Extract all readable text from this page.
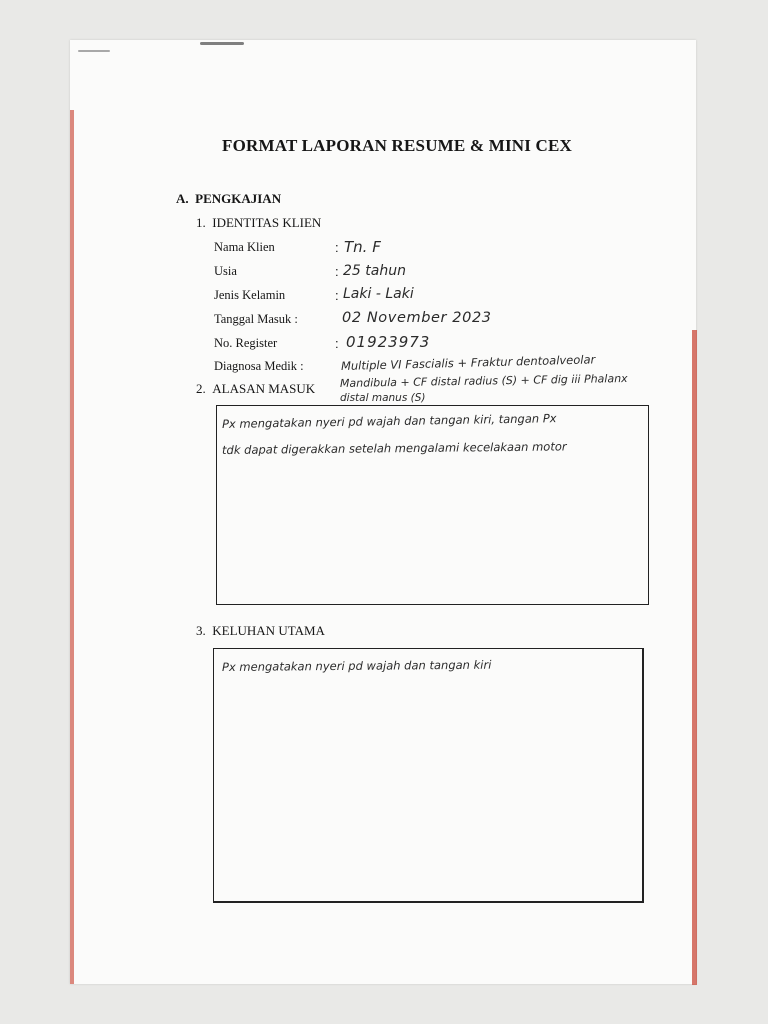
FORMAT LAPORAN RESUME & MINI CEX
A. PENGKAJIAN
1. IDENTITAS KLIEN
Nama Klien	: Tn. F
Usia	: 25 tahun
Jenis Kelamin	: Laki - Laki
Tanggal Masuk :	02 November 2023
No. Register	: 01923973
Diagnosa Medik :	Multiple VI Fascialis + Fraktur dentoalveolar
Mandibula + CF distal radius (S) + CF dig iii Phalanx
distal manus (S)
2. ALASAN MASUK
Px mengatakan nyeri pd wajah dan tangan kiri, tangan Px
tdk dapat digerakkan setelah mengalami kecelakaan motor
3. KELUHAN UTAMA
Px mengatakan nyeri pd wajah dan tangan kiri
